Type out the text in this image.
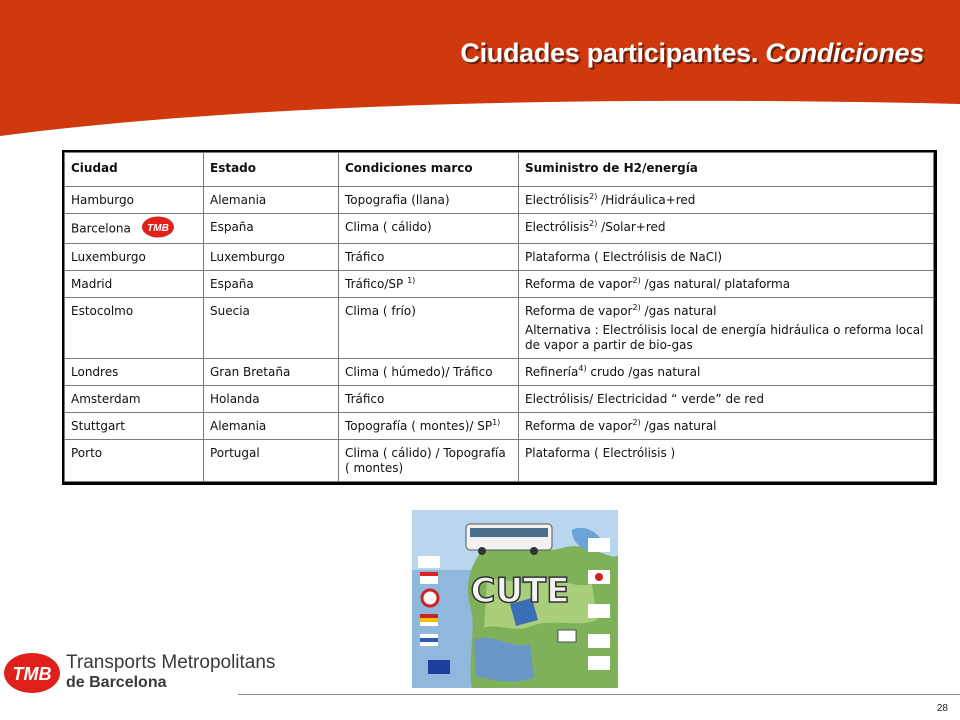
Ciudades participantes. Condiciones
Ciudad	Estado	Condiciones marco	Suministro de H2/energía
Hamburgo	Alemania	Topografia (llana)	Electrólisis$^{2)}$ /Hidráulica+red
Barcelona TMB	España	Clima ( cálido)	Electrólisis$^{2)}$ /Solar+red
Luxemburgo	Luxemburgo	Tráfico	Plataforma ( Electrólisis de NaCl)
Madrid	España	Tráfico/SP $^{1)}$	Reforma de vapor$^{2)}$ /gas natural/ plataforma
Estocolmo	Suecia	Clima ( frío)	Reforma de vapor$^{2)}$ /gas natural
Alternativa : Electrólisis local de energía hidráulica o reforma local de vapor a partir de bio-gas

Londres	Gran Bretaña	Clima ( húmedo)/ Tráfico	Refinería$^{4)}$ crudo /gas natural
Amsterdam	Holanda	Tráfico	Electrólisis/ Electricidad “ verde” de red
Stuttgart	Alemania	Topografía ( montes)/ SP$^{1)}$	Reforma de vapor$^{2)}$ /gas natural
Porto	Portugal	Clima ( cálido) / Topografía ( montes)	Plataforma ( Electrólisis )
CUTE
TMB
Transports Metropolitans
de Barcelona
28
